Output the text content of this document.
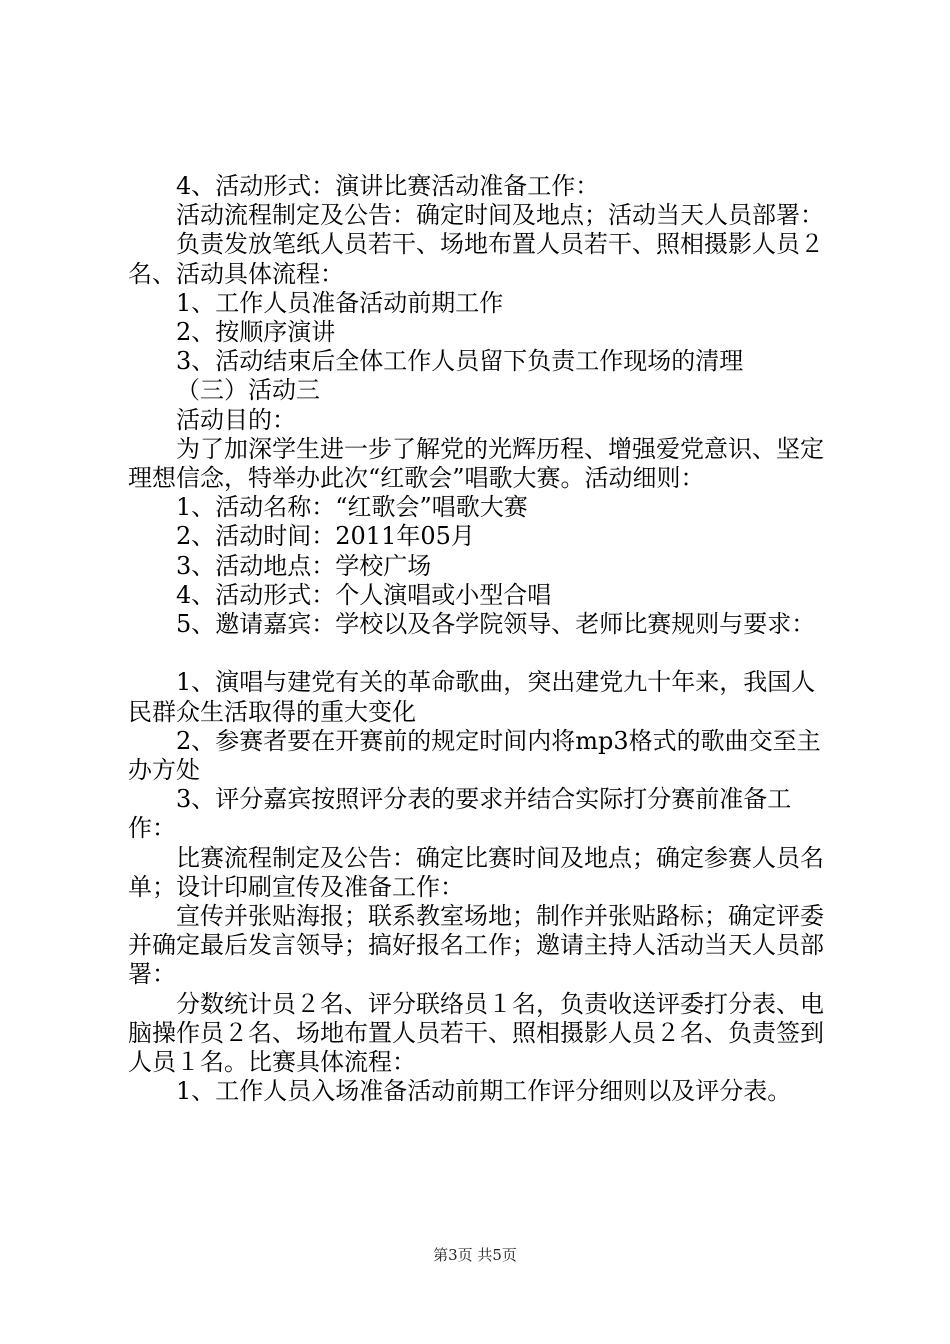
4、活动形式：演讲比赛活动准备工作：

活动流程制定及公告：确定时间及地点；活动当天人员部署：

负责发放笔纸人员若干、场地布置人员若干、照相摄影人员２名、活动具体流程：

1、工作人员准备活动前期工作

2、按顺序演讲

3、活动结束后全体工作人员留下负责工作现场的清理

（三）活动三

活动目的：

为了加深学生进一步了解党的光辉历程、增强爱党意识、坚定理想信念，特举办此次“红歌会”唱歌大赛。活动细则：

1、活动名称：“红歌会”唱歌大赛

2、活动时间：2011年05月

3、活动地点：学校广场

4、活动形式：个人演唱或小型合唱

5、邀请嘉宾：学校以及各学院领导、老师比赛规则与要求：

1、演唱与建党有关的革命歌曲，突出建党九十年来，我国人民群众生活取得的重大变化

2、参赛者要在开赛前的规定时间内将mp3格式的歌曲交至主办方处

3、评分嘉宾按照评分表的要求并结合实际打分赛前准备工作：

比赛流程制定及公告：确定比赛时间及地点；确定参赛人员名单；设计印刷宣传及准备工作：

宣传并张贴海报；联系教室场地；制作并张贴路标；确定评委并确定最后发言领导；搞好报名工作；邀请主持人活动当天人员部署：

分数统计员２名、评分联络员１名，负责收送评委打分表、电脑操作员２名、场地布置人员若干、照相摄影人员２名、负责签到人员１名。比赛具体流程：

1、工作人员入场准备活动前期工作评分细则以及评分表。

第3页 共5页
